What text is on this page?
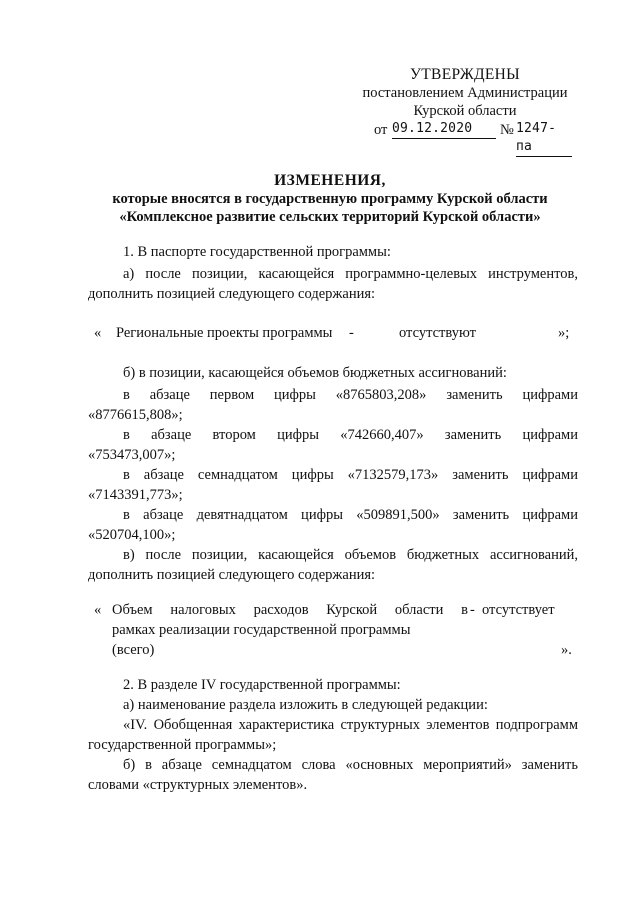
УТВЕРЖДЕНЫ
постановлением Администрации
Курской области
от 09.12.2020	№ 1247-па
ИЗМЕНЕНИЯ,
которые вносятся в государственную программу Курской области
«Комплексное развитие сельских территорий Курской области»
1. В паспорте государственной программы:
а) после позиции, касающейся программно-целевых инструментов, дополнить позицией следующего содержания:
« Региональные проекты программы -	отсутствуют	»;
б) в позиции, касающейся объемов бюджетных ассигнований:
в абзаце первом цифры «8765803,208» заменить цифрами
«8776615,808»;
в абзаце втором цифры «742660,407» заменить цифрами
«753473,007»;
в абзаце семнадцатом цифры «7132579,173» заменить цифрами
«7143391,773»;
в абзаце девятнадцатом цифры «509891,500» заменить цифрами
«520704,100»;
в) после позиции, касающейся объемов бюджетных ассигнований, дополнить позицией следующего содержания:
« Объем налоговых расходов Курской области в - отсутствует
рамках реализации государственной программы
(всего)	».
2. В разделе IV государственной программы:
а) наименование раздела изложить в следующей редакции:
«IV. Обобщенная характеристика структурных элементов подпрограмм государственной программы»;
б) в абзаце семнадцатом слова «основных мероприятий» заменить словами «структурных элементов».
